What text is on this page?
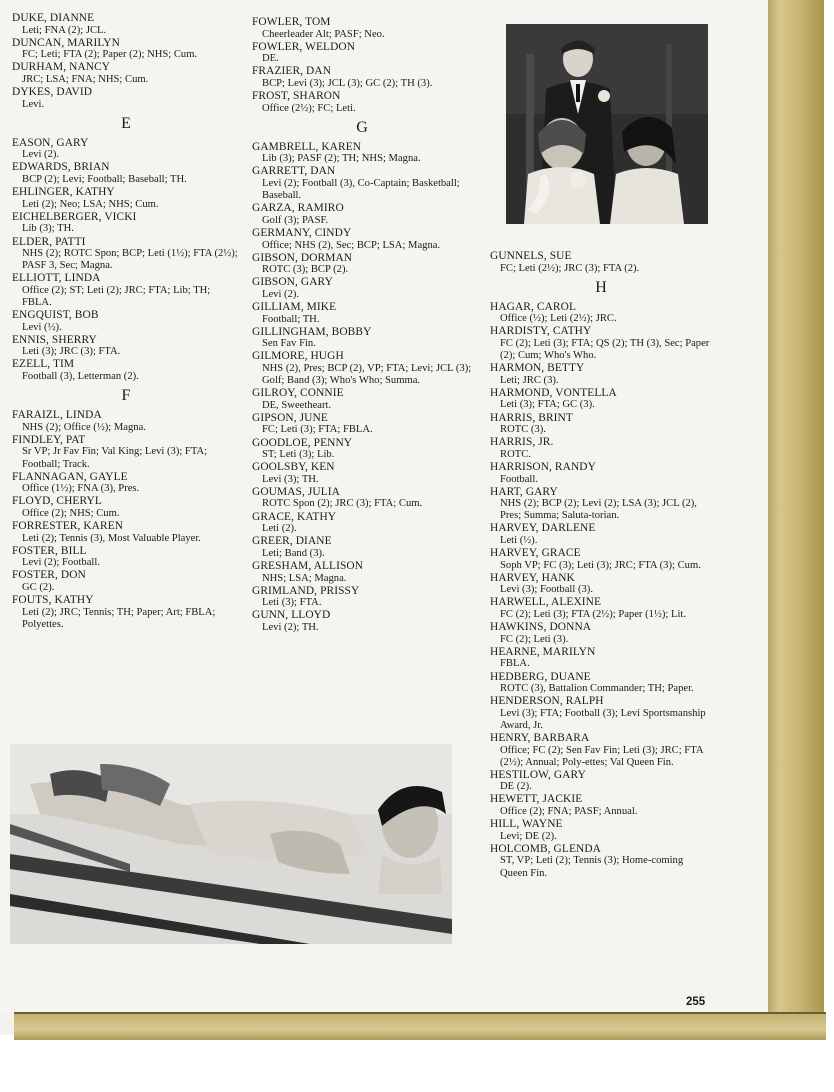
DUKE, DIANNE
Leti; FNA (2); JCL.
DUNCAN, MARILYN
FC; Leti; FTA (2); Paper (2); NHS; Cum.
DURHAM, NANCY
JRC; LSA; FNA; NHS; Cum.
DYKES, DAVID
Levi.
E
EASON, GARY
Levi (2).
EDWARDS, BRIAN
BCP (2); Levi; Football; Baseball; TH.
EHLINGER, KATHY
Leti (2); Neo; LSA; NHS; Cum.
EICHELBERGER, VICKI
Lib (3); TH.
ELDER, PATTI
NHS (2); ROTC Spon; BCP; Leti (1½); FTA (2½); PASF 3, Sec; Magna.
ELLIOTT, LINDA
Office (2); ST; Leti (2); JRC; FTA; Lib; TH; FBLA.
ENGQUIST, BOB
Levi (½).
ENNIS, SHERRY
Leti (3); JRC (3); FTA.
EZELL, TIM
Football (3), Letterman (2).
F
FARAIZL, LINDA
NHS (2); Office (½); Magna.
FINDLEY, PAT
Sr VP; Jr Fav Fin; Val King; Levi (3); FTA; Football; Track.
FLANNAGAN, GAYLE
Office (1½); FNA (3), Pres.
FLOYD, CHERYL
Office (2); NHS; Cum.
FORRESTER, KAREN
Leti (2); Tennis (3), Most Valuable Player.
FOSTER, BILL
Levi (2); Football.
FOSTER, DON
GC (2).
FOUTS, KATHY
Leti (2); JRC; Tennis; TH; Paper; Art; FBLA; Polyettes.
FOWLER, TOM
Cheerleader Alt; PASF; Neo.
FOWLER, WELDON
DE.
FRAZIER, DAN
BCP; Levi (3); JCL (3); GC (2); TH (3).
FROST, SHARON
Office (2½); FC; Leti.
G
GAMBRELL, KAREN
Lib (3); PASF (2); TH; NHS; Magna.
GARRETT, DAN
Levi (2); Football (3), Co-Captain; Basketball; Baseball.
GARZA, RAMIRO
Golf (3); PASF.
GERMANY, CINDY
Office; NHS (2), Sec; BCP; LSA; Magna.
GIBSON, DORMAN
ROTC (3); BCP (2).
GIBSON, GARY
Levi (2).
GILLIAM, MIKE
Football; TH.
GILLINGHAM, BOBBY
Sen Fav Fin.
GILMORE, HUGH
NHS (2), Pres; BCP (2), VP; FTA; Levi; JCL (3); Golf; Band (3); Who's Who; Summa.
GILROY, CONNIE
DE, Sweetheart.
GIPSON, JUNE
FC; Leti (3); FTA; FBLA.
GOODLOE, PENNY
ST; Leti (3); Lib.
GOOLSBY, KEN
Levi (3); TH.
GOUMAS, JULIA
ROTC Spon (2); JRC (3); FTA; Cum.
GRACE, KATHY
Leti (2).
GREER, DIANE
Leti; Band (3).
GRESHAM, ALLISON
NHS; LSA; Magna.
GRIMLAND, PRISSY
Leti (3); FTA.
GUNN, LLOYD
Levi (2); TH.
GUNNELS, SUE
FC; Leti (2½); JRC (3); FTA (2).
H
HAGAR, CAROL
Office (½); Leti (2½); JRC.
HARDISTY, CATHY
FC (2); Leti (3); FTA; QS (2); TH (3), Sec; Paper (2); Cum; Who's Who.
HARMON, BETTY
Leti; JRC (3).
HARMOND, VONTELLA
Leti (3); FTA; GC (3).
HARRIS, BRINT
ROTC (3).
HARRIS, JR.
ROTC.
HARRISON, RANDY
Football.
HART, GARY
NHS (2); BCP (2); Levi (2); LSA (3); JCL (2), Pres; Summa; Saluta-torian.
HARVEY, DARLENE
Leti (½).
HARVEY, GRACE
Soph VP; FC (3); Leti (3); JRC; FTA (3); Cum.
HARVEY, HANK
Levi (3); Football (3).
HARWELL, ALEXINE
FC (2); Leti (3); FTA (2½); Paper (1½); Lit.
HAWKINS, DONNA
FC (2); Leti (3).
HEARNE, MARILYN
FBLA.
HEDBERG, DUANE
ROTC (3), Battalion Commander; TH; Paper.
HENDERSON, RALPH
Levi (3); FTA; Football (3); Levi Sportsmanship Award, Jr.
HENRY, BARBARA
Office; FC (2); Sen Fav Fin; Leti (3); JRC; FTA (2½); Annual; Poly-ettes; Val Queen Fin.
HESTILOW, GARY
DE (2).
HEWETT, JACKIE
Office (2); FNA; PASF; Annual.
HILL, WAYNE
Levi; DE (2).
HOLCOMB, GLENDA
ST, VP; Leti (2); Tennis (3); Home-coming Queen Fin.
255
